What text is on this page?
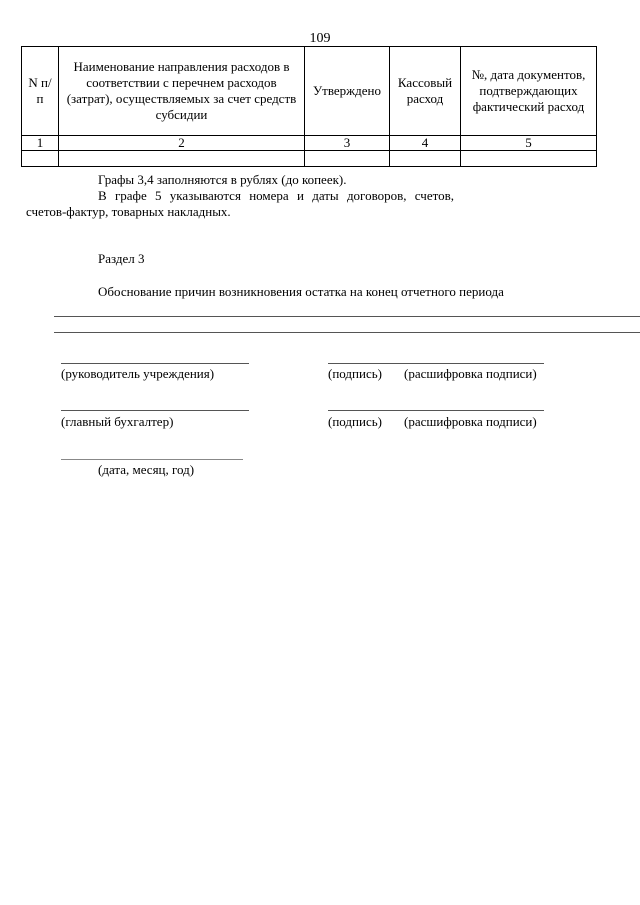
109
N п/п	Наименование направления расходов в соответствии с перечнем расходов (затрат), осуществляемых за счет средств субсидии	Утверждено	Кассовый расход	№, дата документов, подтверждающих фактический расход
1	2	3	4	5

Графы 3,4 заполняются в рублях (до копеек).
В графе 5 указываются номера и даты договоров, счетов,
счетов-фактур, товарных накладных.
Раздел 3
Обоснование причин возникновения остатка на конец отчетного периода
(руководитель учреждения)	(подпись) (расшифровка подписи)
(главный бухгалтер)	(подпись) (расшифровка подписи)
(дата, месяц, год)
